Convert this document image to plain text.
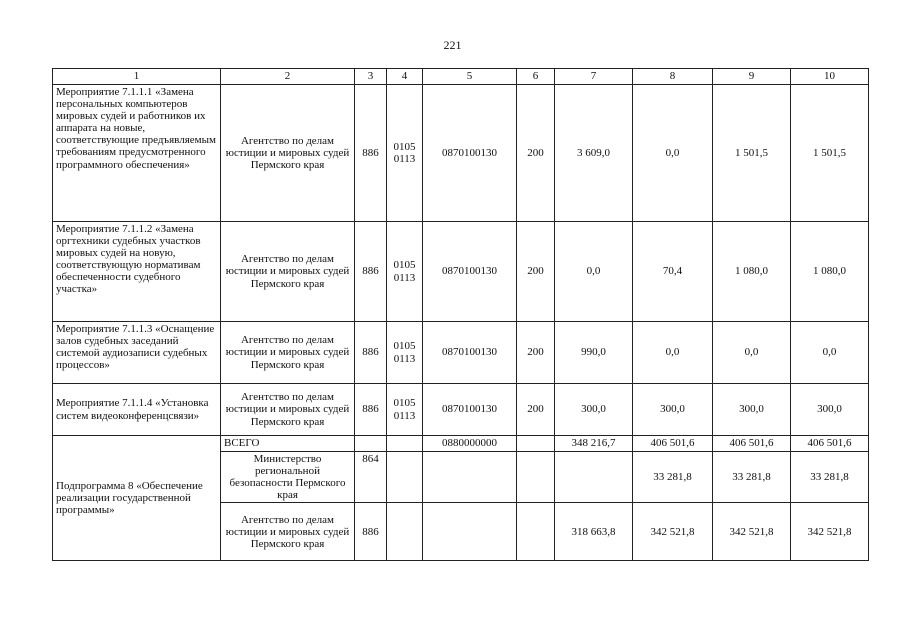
221
1	2	3	4	5	6	7	8	9	10
Мероприятие 7.1.1.1 «Замена персональных компьютеров мировых судей и работников их аппарата на новые, соответствующие предъявляемым требованиям предусмотренного программного обеспечения»	Агентство по делам юстиции и мировых судей Пермского края	886	0105 0113	0870100130	200	3 609,0	0,0	1 501,5	1 501,5
Мероприятие 7.1.1.2 «Замена оргтехники судебных участков мировых судей на новую, соответствующую нормативам обеспеченности судебного участка»	Агентство по делам юстиции и мировых судей Пермского края	886	0105 0113	0870100130	200	0,0	70,4	1 080,0	1 080,0
Мероприятие 7.1.1.3 «Оснащение залов судебных заседаний системой аудиозаписи судебных процессов»	Агентство по делам юстиции и мировых судей Пермского края	886	0105 0113	0870100130	200	990,0	0,0	0,0	0,0
Мероприятие 7.1.1.4 «Установка систем видеоконференцсвязи»	Агентство по делам юстиции и мировых судей Пермского края	886	0105 0113	0870100130	200	300,0	300,0	300,0	300,0
Подпрограмма 8 «Обеспечение реализации государственной программы»	ВСЕГО			0880000000		348 216,7	406 501,6	406 501,6	406 501,6
	Министерство региональной безопасности Пермского края	864					33 281,8	33 281,8	33 281,8
	Агентство по делам юстиции и мировых судей Пермского края	886				318 663,8	342 521,8	342 521,8	342 521,8
